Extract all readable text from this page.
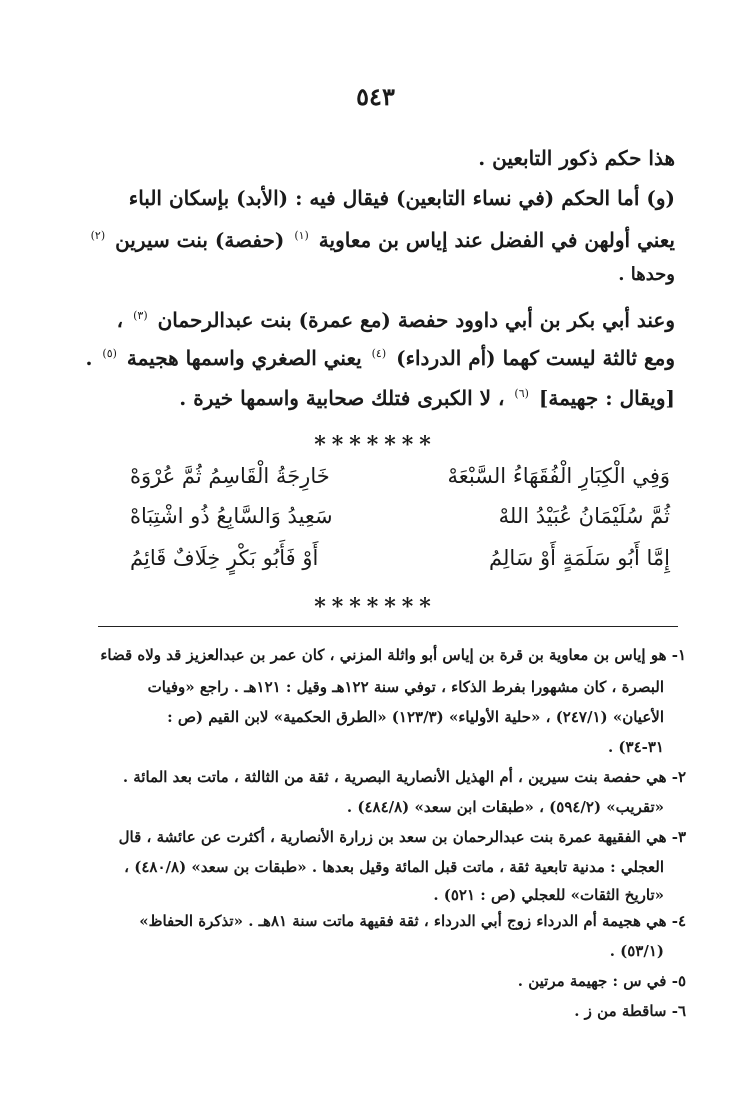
٥٤٣
هذا حكم ذكور التابعين .
(و) أما الحكم (في نساء التابعين) فيقال فيه : (الأبد) بإسكان الباء
يعني أولهن في الفضل عند إياس بن معاوية $^{(١)}$ (حفصة) بنت سيرين $^{(٢)}$
وحدها .
وعند أبي بكر بن أبي داوود حفصة (مع عمرة) بنت عبدالرحمان $^{(٣)}$ ،
ومع ثالثة ليست كهما (أم الدرداء) $^{(٤)}$ يعني الصغري واسمها هجيمة $^{(٥)}$ .
[ويقال : جهيمة] $^{(٦)}$ ، لا الكبرى فتلك صحابية واسمها خيرة .
*******
وَفِي الْكِبَارِ الْفُقَهَاءُ السَّبْعَهْ
خَارِجَةُ الْقَاسِمُ ثُمَّ عُرْوَهْ
ثُمَّ سُلَيْمَانُ عُبَيْدُ اللهْ
سَعِيدُ وَالسَّابِعُ ذُو اشْتِبَاهْ
إِمَّا أَبُو سَلَمَةٍ أَوْ سَالِمُ
أَوْ فَأَبُو بَكْرٍ خِلَافٌ قَائِمُ
*******
١- هو إياس بن معاوية بن قرة بن إياس أبو واثلة المزني ، كان عمر بن عبدالعزيز قد ولاه قضاء
البصرة ، كان مشهورا بفرط الذكاء ، توفي سنة ١٢٢هـ وقيل : ١٢١هـ . راجع «وفيات
الأعيان» (٢٤٧/١) ، «حلية الأولياء» (١٢٣/٣) «الطرق الحكمية» لابن القيم (ص :
٣١-٣٤) .
٢- هي حفصة بنت سيرين ، أم الهذيل الأنصارية البصرية ، ثقة من الثالثة ، ماتت بعد المائة .
«تقريب» (٥٩٤/٢) ، «طبقات ابن سعد» (٤٨٤/٨) .
٣- هي الفقيهة عمرة بنت عبدالرحمان بن سعد بن زرارة الأنصارية ، أكثرت عن عائشة ، قال
العجلي : مدنية تابعية ثقة ، ماتت قبل المائة وقيل بعدها . «طبقات بن سعد» (٤٨٠/٨) ،
«تاريخ الثقات» للعجلي (ص : ٥٢١) .
٤- هي هجيمة أم الدرداء زوج أبي الدرداء ، ثقة فقيهة ماتت سنة ٨١هـ . «تذكرة الحفاظ»
(٥٣/١) .
٥- في س : جهيمة مرتين .
٦- ساقطة من ز .
